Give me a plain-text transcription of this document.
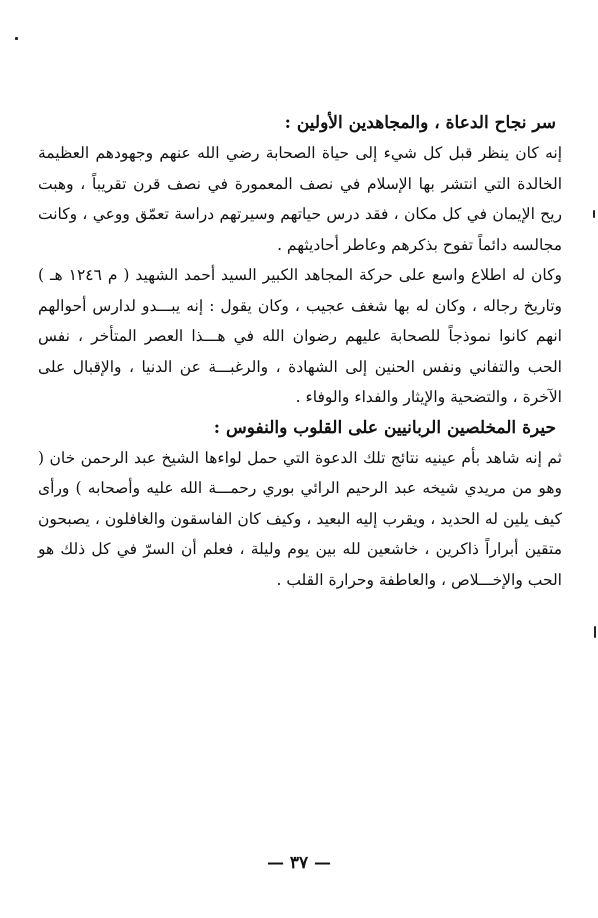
سر نجاح الدعاة ، والمجاهدين الأولين :

إنه كان ينظر قبل كل شيء إلى حياة الصحابة رضي الله عنهم وجهودهم العظيمة الخالدة التي انتشر بها الإسلام في نصف المعمورة في نصف قرن تقريباً ، وهبت ريح الإيمان في كل مكان ، فقد درس حياتهم وسيرتهم دراسة تعمّق ووعي ، وكانت مجالسه دائماً تفوح بذكرهم وعاطر أحاديثهم .

وكان له اطلاع واسع على حركة المجاهد الكبير السيد أحمد الشهيد ( م ١٢٤٦ هـ ) وتاريخ رجاله ، وكان له بها شغف عجيب ، وكان يقول : إنه يبـــدو لدارس أحوالهم انهم كانوا نموذجاً للصحابة عليهم رضوان الله في هـــذا العصر المتأخر ، نفس الحب والتفاني ونفس الحنين إلى الشهادة ، والرغبـــة عن الدنيا ، والإقبال على الآخرة ، والتضحية والإيثار والفداء والوفاء .

حيرة المخلصين الربانيين على القلوب والنفوس :

ثم إنه شاهد بأم عينيه نتائج تلك الدعوة التي حمل لواءها الشيخ عبد الرحمن خان ( وهو من مريدي شيخه عبد الرحيم الرائي بوري رحمـــة الله عليه وأصحابه ) ورأى كيف يلين له الحديد ، ويقرب إليه البعيد ، وكيف كان الفاسقون والغافلون ، يصبحون متقين أبراراً ذاكرين ، خاشعين لله بين يوم وليلة ، فعلم أن السرّ في كل ذلك هو الحب والإخـــلاص ، والعاطفة وحرارة القلب .

— ٣٧ —
